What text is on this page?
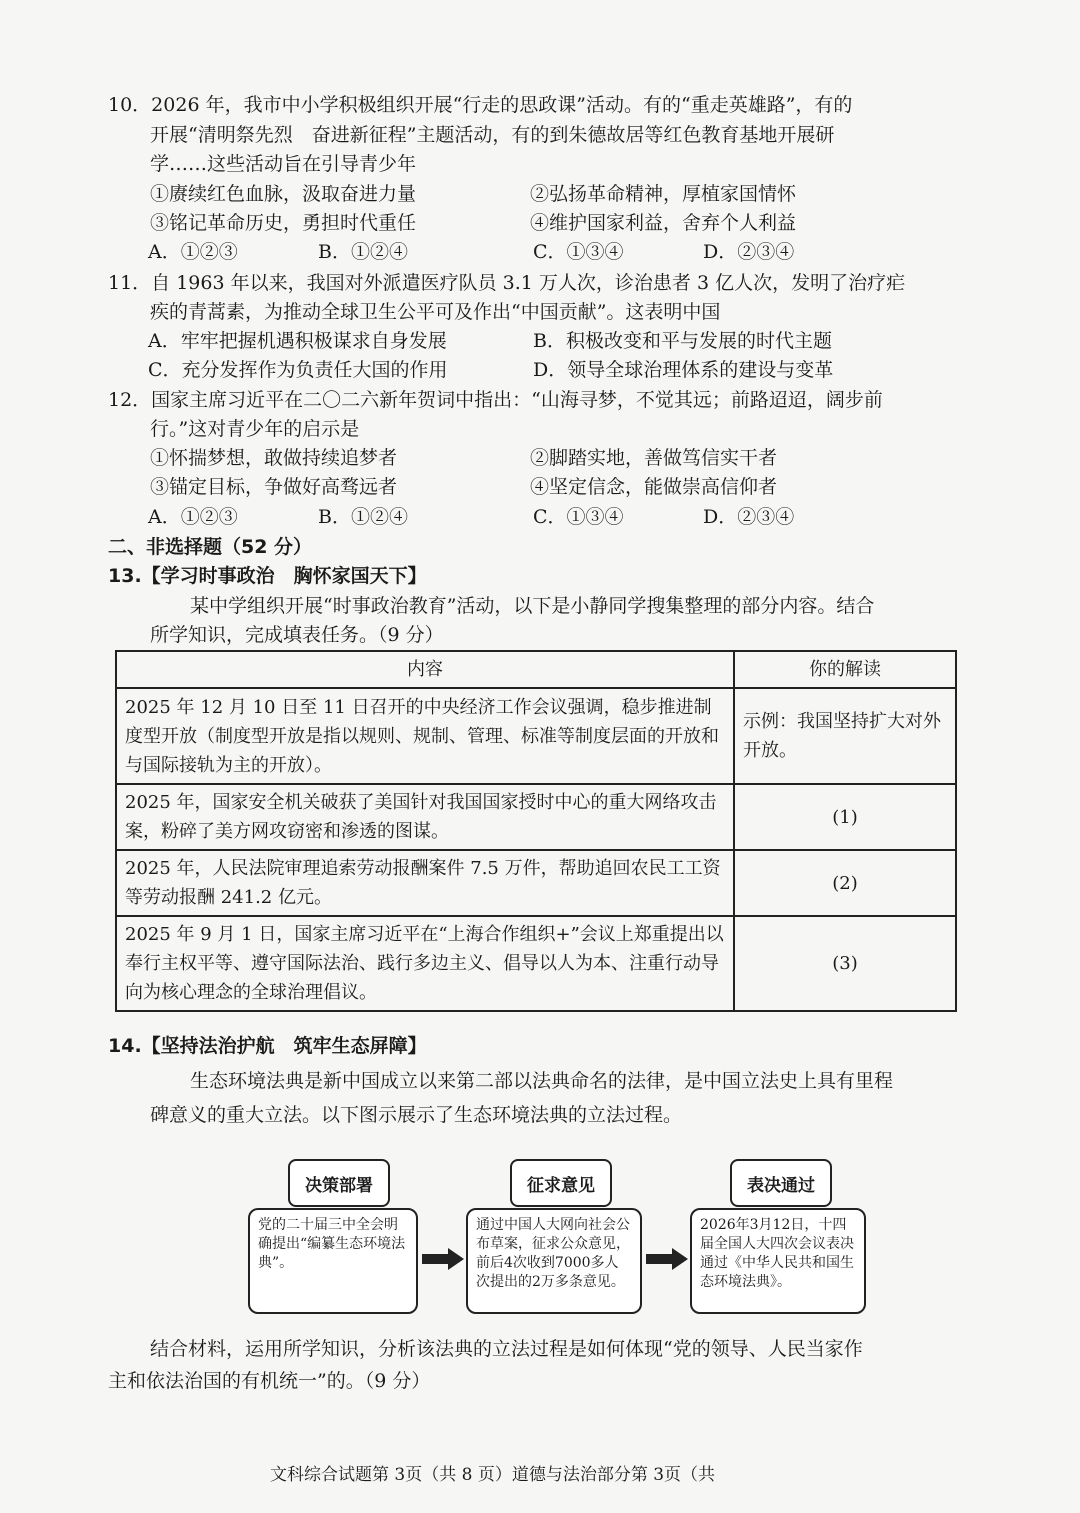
10．2026 年，我市中小学积极组织开展“行走的思政课”活动。有的“重走英雄路”，有的
开展“清明祭先烈　奋进新征程”主题活动，有的到朱德故居等红色教育基地开展研
学……这些活动旨在引导青少年
①赓续红色血脉，汲取奋进力量	②弘扬革命精神，厚植家国情怀
③铭记革命历史，勇担时代重任	④维护国家利益，舍弃个人利益
A．①②③	B．①②④	C．①③④	D．②③④
11．自 1963 年以来，我国对外派遣医疗队员 3.1 万人次，诊治患者 3 亿人次，发明了治疗疟
疾的青蒿素，为推动全球卫生公平可及作出“中国贡献”。这表明中国
A．牢牢把握机遇积极谋求自身发展	B．积极改变和平与发展的时代主题
C．充分发挥作为负责任大国的作用	D．领导全球治理体系的建设与变革
12．国家主席习近平在二〇二六新年贺词中指出：“山海寻梦，不觉其远；前路迢迢，阔步前
行。”这对青少年的启示是
①怀揣梦想，敢做持续追梦者	②脚踏实地，善做笃信实干者
③锚定目标，争做好高骛远者	④坚定信念，能做崇高信仰者
A．①②③	B．①②④	C．①③④	D．②③④
二、非选择题（52 分）
13.【学习时事政治　胸怀家国天下】
某中学组织开展“时事政治教育”活动，以下是小静同学搜集整理的部分内容。结合
所学知识，完成填表任务。（9 分）
内容	你的解读
2025 年 12 月 10 日至 11 日召开的中央经济工作会议强调，稳步推进制度型开放（制度型开放是指以规则、规制、管理、标准等制度层面的开放和与国际接轨为主的开放）。	示例：我国坚持扩大对外开放。
2025 年，国家安全机关破获了美国针对我国国家授时中心的重大网络攻击案，粉碎了美方网攻窃密和渗透的图谋。	(1)
2025 年，人民法院审理追索劳动报酬案件 7.5 万件，帮助追回农民工工资等劳动报酬 241.2 亿元。	(2)
2025 年 9 月 1 日，国家主席习近平在“上海合作组织+”会议上郑重提出以奉行主权平等、遵守国际法治、践行多边主义、倡导以人为本、注重行动导向为核心理念的全球治理倡议。	(3)
14.【坚持法治护航　筑牢生态屏障】
生态环境法典是新中国成立以来第二部以法典命名的法律，是中国立法史上具有里程
碑意义的重大立法。以下图示展示了生态环境法典的立法过程。
决策部署	征求意见	表决通过
党的二十届三中全会明确提出“编纂生态环境法典”。
通过中国人大网向社会公布草案，征求公众意见，前后4次收到7000多人次提出的2万多条意见。
2026年3月12日，十四届全国人大四次会议表决通过《中华人民共和国生态环境法典》。
结合材料，运用所学知识，分析该法典的立法过程是如何体现“党的领导、人民当家作
主和依法治国的有机统一”的。（9 分）
文科综合试题第 3页（共 8 页）道德与法治部分第 3页（共
